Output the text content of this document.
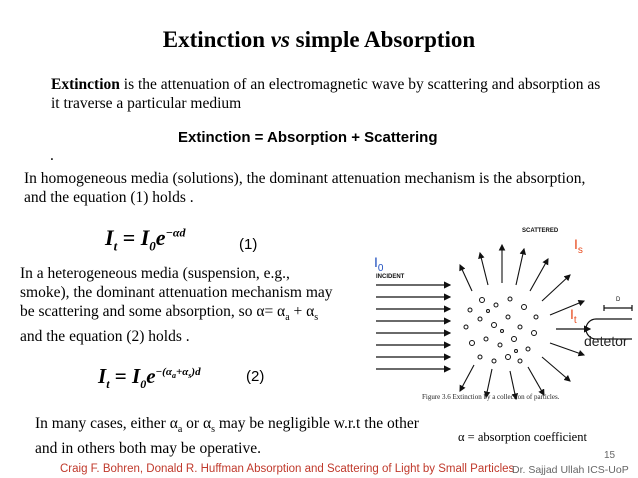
Extinction vs simple Absorption
Extinction is the attenuation of an electromagnetic wave by scattering and absorption as
it traverse a particular medium
Extinction = Absorption + Scattering
.
In homogeneous media (solutions), the dominant attenuation mechanism is the absorption,
and the equation (1) holds .
$I_t = I_0e^{-\alpha d}$
(1)
In a heterogeneous media (suspension, e.g.,
smoke), the dominant attenuation mechanism may
be scattering and some absorption, so $\alpha= \alpha_a + \alpha_s$
and the equation (2) holds .
$I_t = I_0e^{-(\alpha_a+\alpha_s)d}$	(2)
In many cases, either $\alpha_a$ or $\alpha_s$ may be negligible w.r.t the other
and in others both may be operative.
α = absorption coefficient
Figure 3.6 Extinction by a collection of particles.
INCIDENT
SCATTERED
D
$I_0$
$I_s$
$I_t$
detetor
15
Craig F. Bohren, Donald R. Huffman Absorption and Scattering of Light by Small Particles
Dr. Sajjad Ullah ICS-UoP
